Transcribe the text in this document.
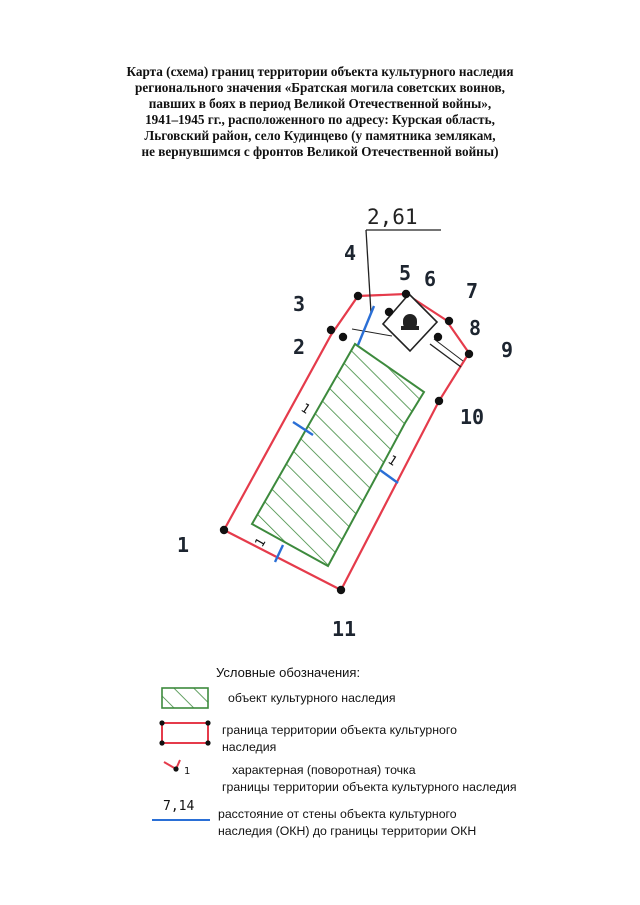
Карта (схема) границ территории объекта культурного наследия
регионального значения «Братская могила советских воинов,
павших в боях в период Великой Отечественной войны»,
1941–1945 гг., расположенного по адресу: Курская область,
Льговский район, село Кудинцево (у памятника землякам,
не вернувшимся с фронтов Великой Отечественной войны)
2,61
1
1
1
1
2
3
4
5 6 7
8
9
10
11
1
7,14
Условные обозначения:
объект культурного наследия
граница территории объекта культурного
наследия
характерная (поворотная) точка
границы территории объекта культурного наследия
расстояние от стены объекта культурного
наследия (ОКН) до границы территории ОКН
